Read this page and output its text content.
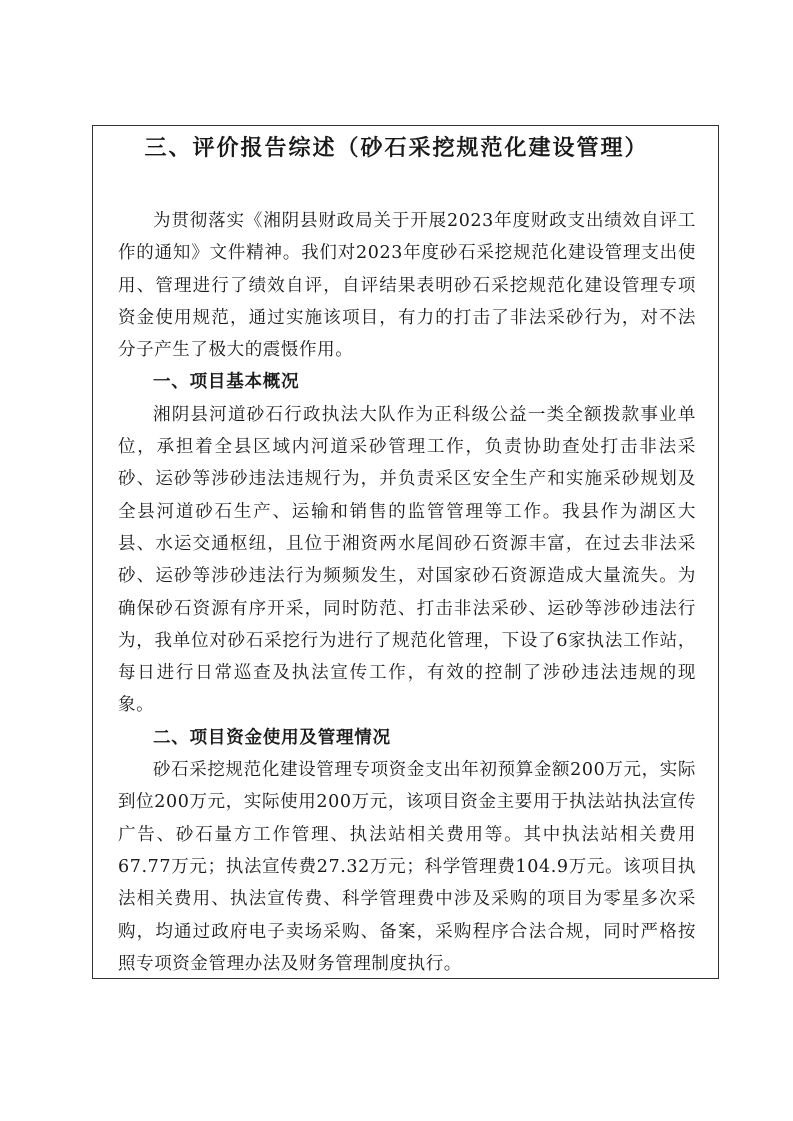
三、评价报告综述（砂石采挖规范化建设管理）

为贯彻落实《湘阴县财政局关于开展2023年度财政支出绩效自评工作的通知》文件精神。我们对2023年度砂石采挖规范化建设管理支出使用、管理进行了绩效自评，自评结果表明砂石采挖规范化建设管理专项资金使用规范，通过实施该项目，有力的打击了非法采砂行为，对不法分子产生了极大的震慑作用。

一、项目基本概况

湘阴县河道砂石行政执法大队作为正科级公益一类全额拨款事业单位，承担着全县区域内河道采砂管理工作，负责协助查处打击非法采砂、运砂等涉砂违法违规行为，并负责采区安全生产和实施采砂规划及全县河道砂石生产、运输和销售的监管管理等工作。我县作为湖区大县、水运交通枢纽，且位于湘资两水尾闾砂石资源丰富，在过去非法采砂、运砂等涉砂违法行为频频发生，对国家砂石资源造成大量流失。为确保砂石资源有序开采，同时防范、打击非法采砂、运砂等涉砂违法行为，我单位对砂石采挖行为进行了规范化管理，下设了6家执法工作站，每日进行日常巡查及执法宣传工作，有效的控制了涉砂违法违规的现象。

二、项目资金使用及管理情况

砂石采挖规范化建设管理专项资金支出年初预算金额200万元，实际到位200万元，实际使用200万元，该项目资金主要用于执法站执法宣传广告、砂石量方工作管理、执法站相关费用等。其中执法站相关费用67.77万元；执法宣传费27.32万元；科学管理费104.9万元。该项目执法相关费用、执法宣传费、科学管理费中涉及采购的项目为零星多次采购，均通过政府电子卖场采购、备案，采购程序合法合规，同时严格按照专项资金管理办法及财务管理制度执行。
